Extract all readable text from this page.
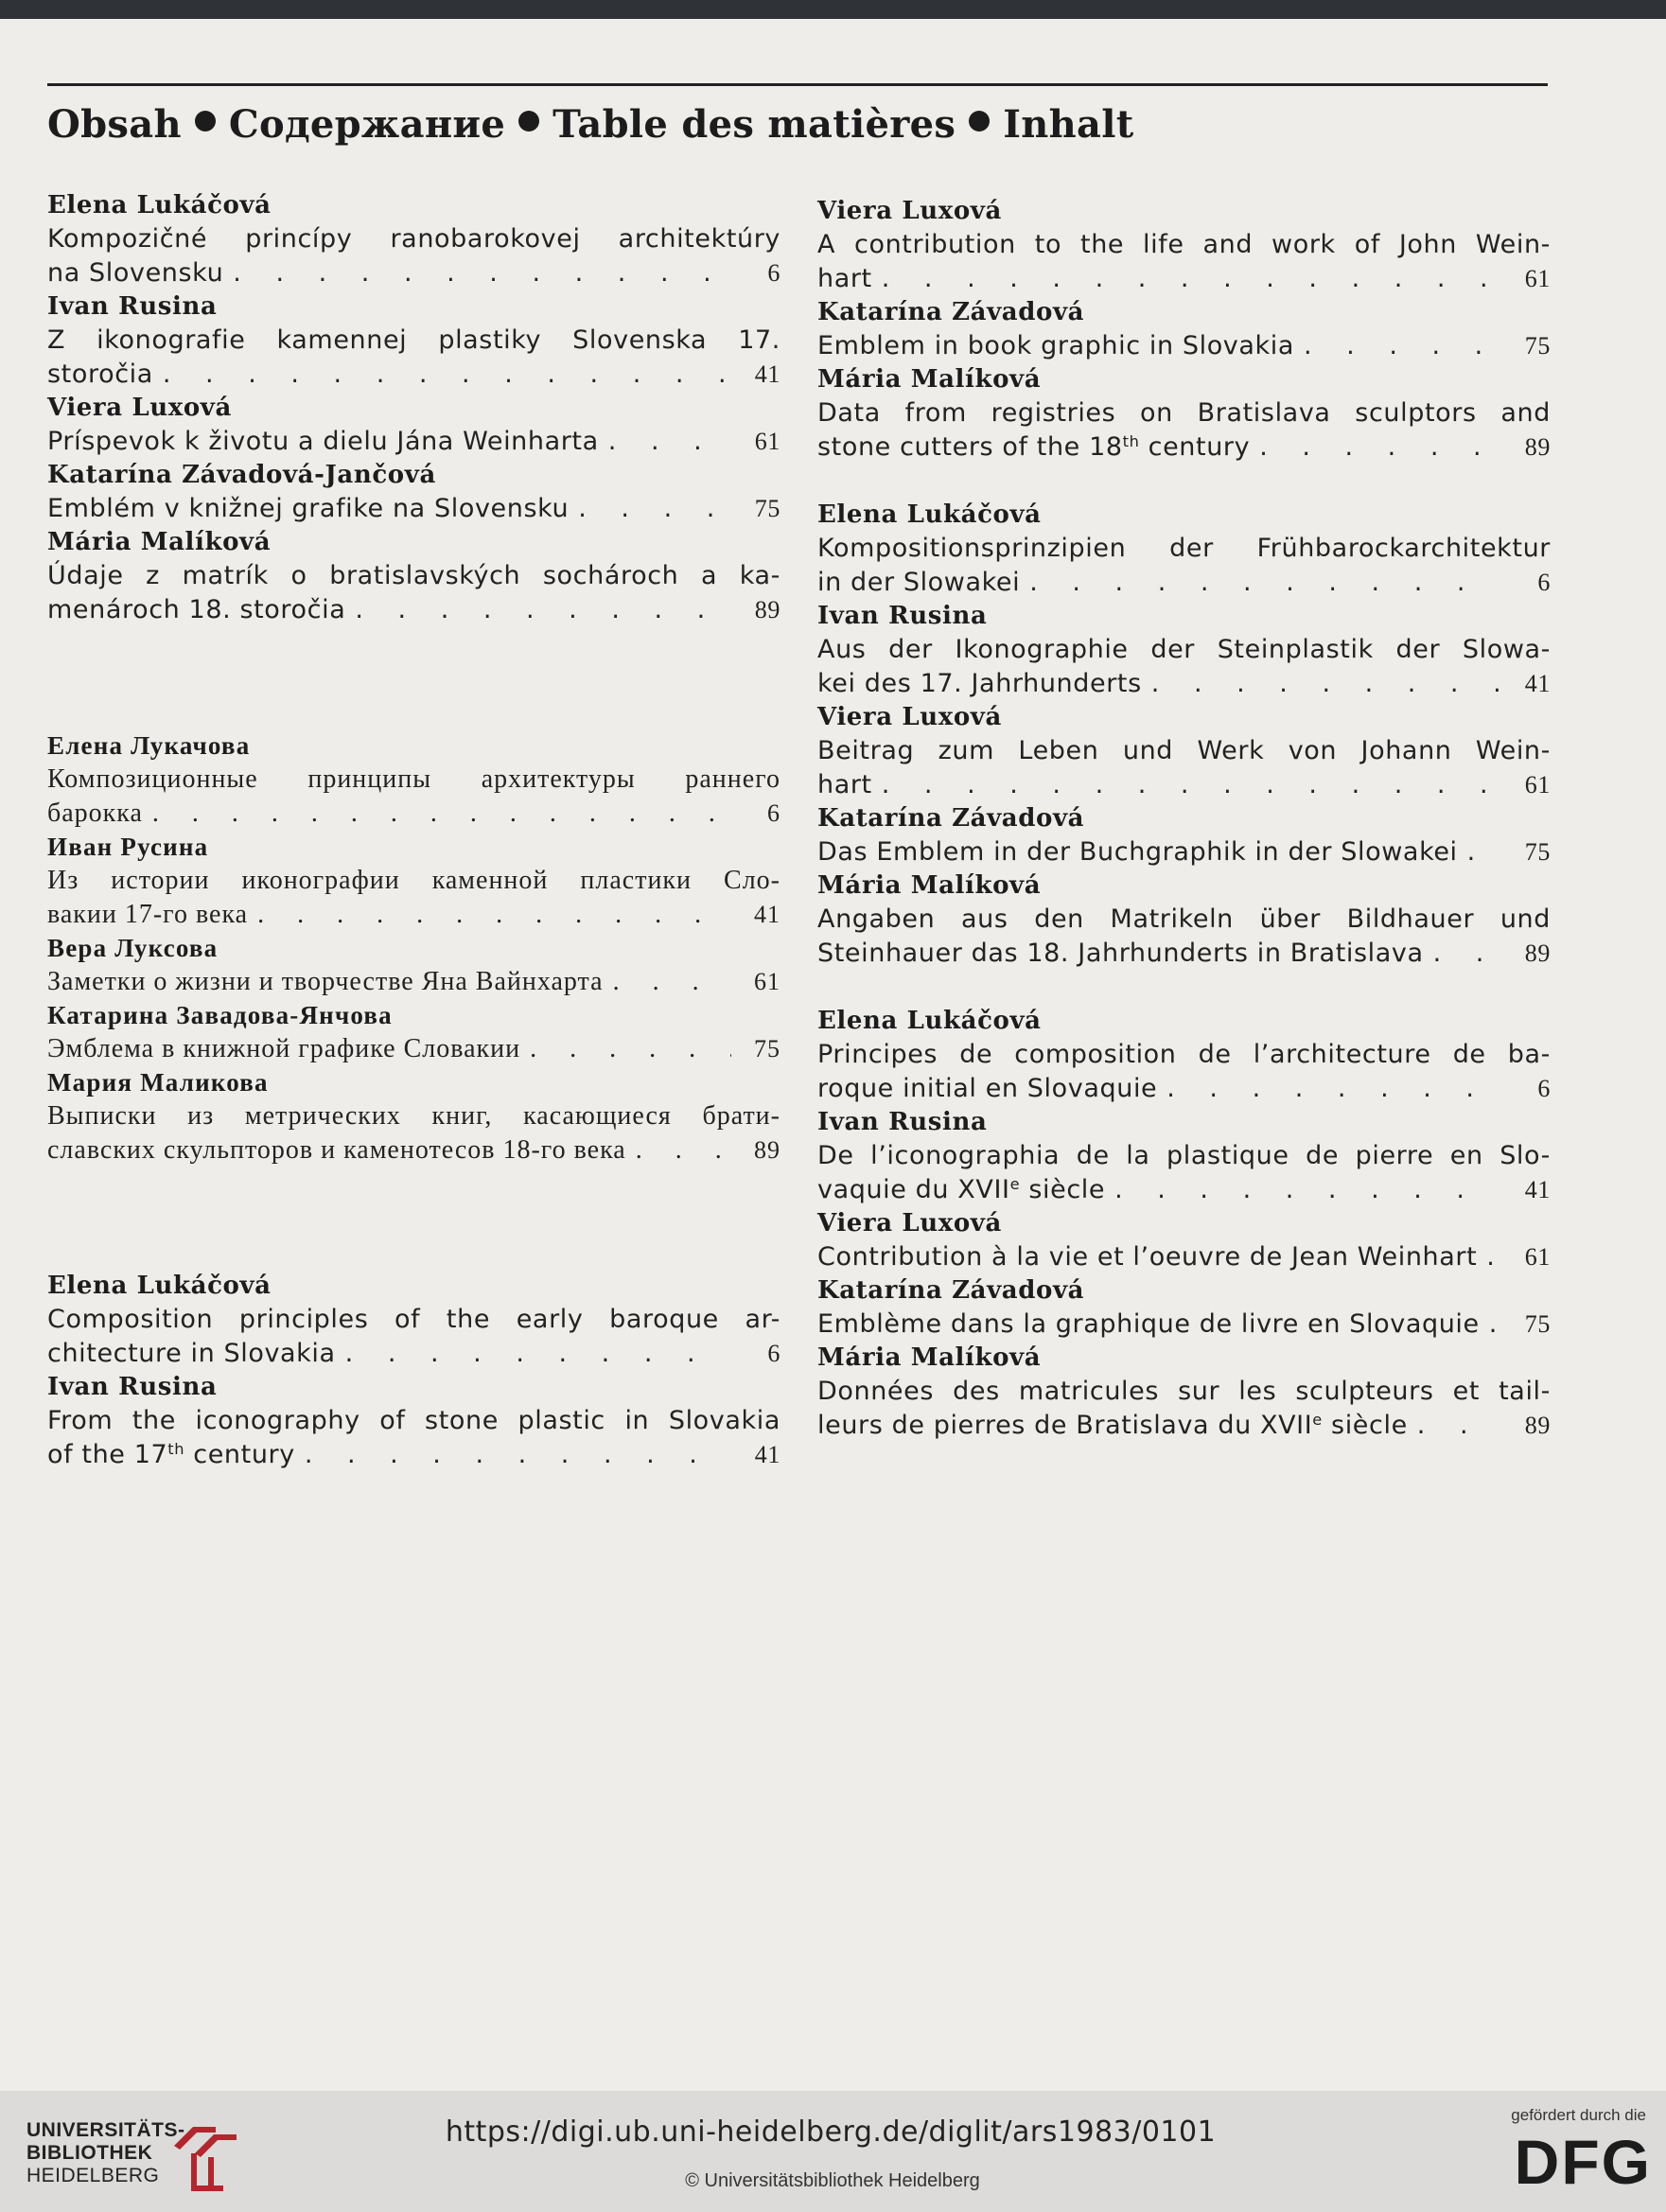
Obsah Содержание Table des matières Inhalt
Elena Lukáčová
Kompozičné princípy ranobarokovej architektúry
na Slovensku . . .	6
Ivan Rusina
Z ikonografie kamennej plastiky Slovenska 17.
storočia . . .	41
Viera Luxová
Príspevok k životu a dielu Jána Weinharta . . .	61
Katarína Závadová-Jančová
Emblém v knižnej grafike na Slovensku . . .	75
Mária Malíková
Údaje z matrík o bratislavských sochároch a ka-
menároch 18. storočia . . .	89
Елена Лукачова
Композиционные принципы архитектуры раннего
барокка . . .	6
Иван Русина
Из истории иконографии каменной пластики Сло-
вакии 17-го века . . .	41
Вера Луксова
Заметки о жизни и творчестве Яна Вайнхарта . . .	61
Катарина Завадова-Янчова
Эмблема в книжной графике Словакии . . .	75
Мария Маликова
Выписки из метрических книг, касающиеся брати-
славских скульпторов и каменотесов 18-го века . . .	89
Elena Lukáčová
Composition principles of the early baroque ar-
chitecture in Slovakia . . .	6
Ivan Rusina
From the iconography of stone plastic in Slovakia
of the 17th century . . .	41
Viera Luxová
A contribution to the life and work of John Wein-
hart . . .	61
Katarína Závadová
Emblem in book graphic in Slovakia . . .	75
Mária Malíková
Data from registries on Bratislava sculptors and
stone cutters of the 18th century . . .	89
Elena Lukáčová
Kompositionsprinzipien der Frühbarockarchitektur
in der Slowakei . . .	6
Ivan Rusina
Aus der Ikonographie der Steinplastik der Slowa-
kei des 17. Jahrhunderts . . .	41
Viera Luxová
Beitrag zum Leben und Werk von Johann Wein-
hart . . .	61
Katarína Závadová
Das Emblem in der Buchgraphik in der Slowakei . . .	75
Mária Malíková
Angaben aus den Matrikeln über Bildhauer und
Steinhauer das 18. Jahrhunderts in Bratislava . . .	89
Elena Lukáčová
Principes de composition de l’architecture de ba-
roque initial en Slovaquie . . .	6
Ivan Rusina
De l’iconographia de la plastique de pierre en Slo-
vaquie du XVIIe siècle . . .	41
Viera Luxová
Contribution à la vie et l’oeuvre de Jean Weinhart . . .	61
Katarína Závadová
Emblème dans la graphique de livre en Slovaquie . . .	75
Mária Malíková
Données des matricules sur les sculpteurs et tail-
leurs de pierres de Bratislava du XVIIe siècle . . .	89
UNIVERSITÄTS-
BIBLIOTHEK
HEIDELBERG
https://digi.ub.uni-heidelberg.de/diglit/ars1983/0101
© Universitätsbibliothek Heidelberg
gefördert durch die
DFG
